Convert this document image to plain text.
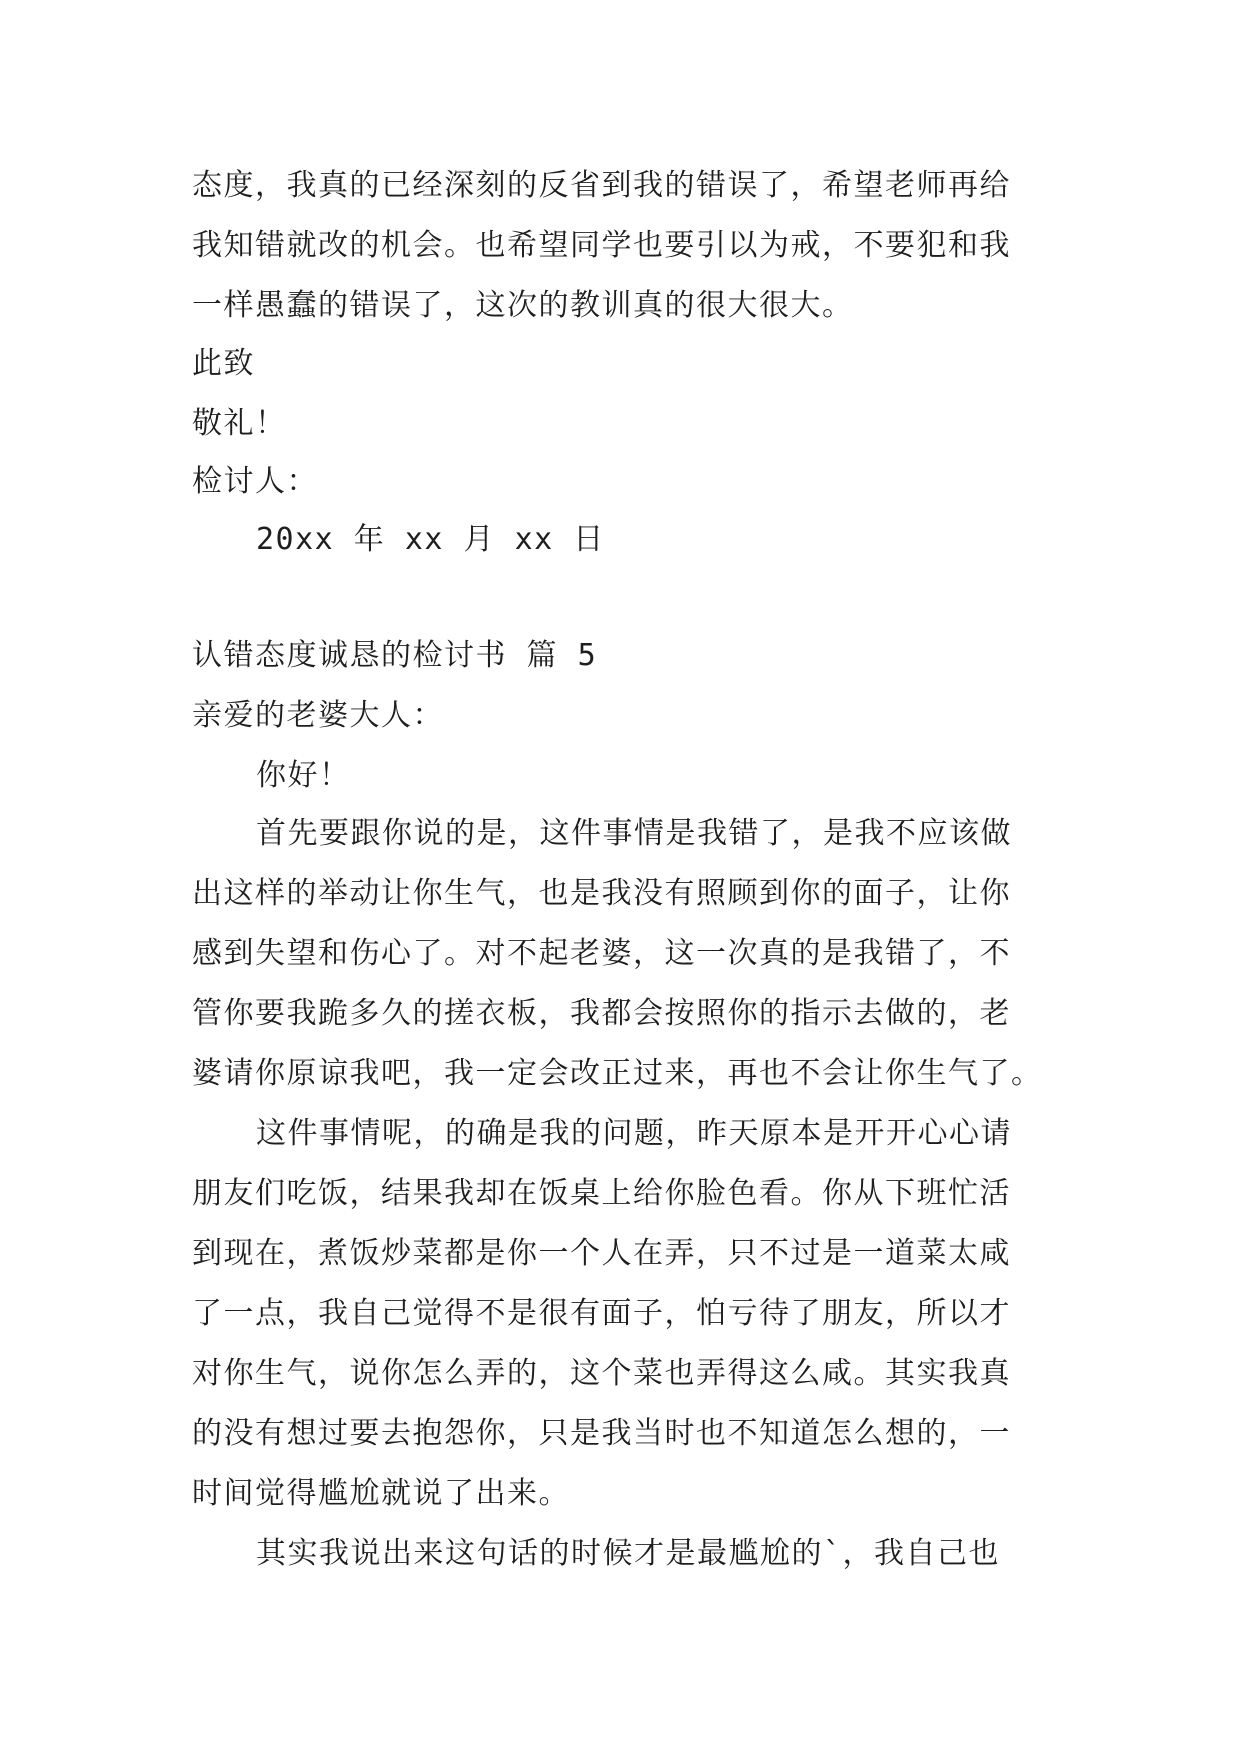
态度，我真的已经深刻的反省到我的错误了，希望老师再给
我知错就改的机会。也希望同学也要引以为戒，不要犯和我
一样愚蠢的错误了，这次的教训真的很大很大。
此致
敬礼！
检讨人：
20xx 年 xx 月 xx 日
认错态度诚恳的检讨书 篇 5
亲爱的老婆大人：
你好！
首先要跟你说的是，这件事情是我错了，是我不应该做
出这样的举动让你生气，也是我没有照顾到你的面子，让你
感到失望和伤心了。对不起老婆，这一次真的是我错了，不
管你要我跪多久的搓衣板，我都会按照你的指示去做的，老
婆请你原谅我吧，我一定会改正过来，再也不会让你生气了。
这件事情呢，的确是我的问题，昨天原本是开开心心请
朋友们吃饭，结果我却在饭桌上给你脸色看。你从下班忙活
到现在，煮饭炒菜都是你一个人在弄，只不过是一道菜太咸
了一点，我自己觉得不是很有面子，怕亏待了朋友，所以才
对你生气，说你怎么弄的，这个菜也弄得这么咸。其实我真
的没有想过要去抱怨你，只是我当时也不知道怎么想的，一
时间觉得尴尬就说了出来。
其实我说出来这句话的时候才是最尴尬的`，我自己也
